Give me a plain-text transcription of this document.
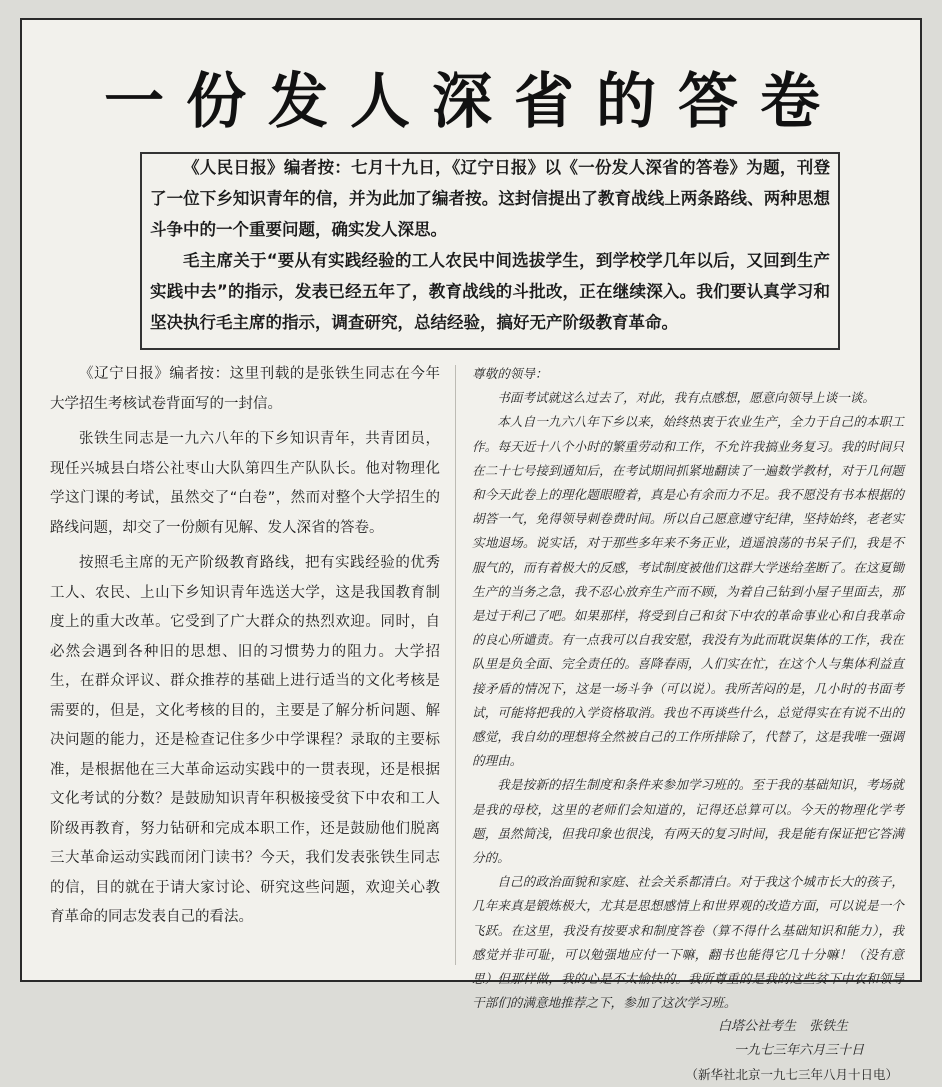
一份发人深省的答卷

《人民日报》编者按：七月十九日，《辽宁日报》以《一份发人深省的答卷》为题，刊登了一位下乡知识青年的信，并为此加了编者按。这封信提出了教育战线上两条路线、两种思想斗争中的一个重要问题，确实发人深思。

毛主席关于“要从有实践经验的工人农民中间选拔学生，到学校学几年以后，又回到生产实践中去”的指示，发表已经五年了，教育战线的斗批改，正在继续深入。我们要认真学习和坚决执行毛主席的指示，调查研究，总结经验，搞好无产阶级教育革命。

《辽宁日报》编者按：这里刊载的是张铁生同志在今年大学招生考核试卷背面写的一封信。

张铁生同志是一九六八年的下乡知识青年，共青团员，现任兴城县白塔公社枣山大队第四生产队队长。他对物理化学这门课的考试，虽然交了“白卷”，然而对整个大学招生的路线问题，却交了一份颇有见解、发人深省的答卷。

按照毛主席的无产阶级教育路线，把有实践经验的优秀工人、农民、上山下乡知识青年选送大学，这是我国教育制度上的重大改革。它受到了广大群众的热烈欢迎。同时，自必然会遇到各种旧的思想、旧的习惯势力的阻力。大学招生，在群众评议、群众推荐的基础上进行适当的文化考核是需要的，但是，文化考核的目的，主要是了解分析问题、解决问题的能力，还是检查记住多少中学课程？录取的主要标准，是根据他在三大革命运动实践中的一贯表现，还是根据文化考试的分数？是鼓励知识青年积极接受贫下中农和工人阶级再教育，努力钻研和完成本职工作，还是鼓励他们脱离三大革命运动实践而闭门读书？今天，我们发表张铁生同志的信，目的就在于请大家讨论、研究这些问题，欢迎关心教育革命的同志发表自己的看法。

尊敬的领导：

书面考试就这么过去了，对此，我有点感想，愿意向领导上谈一谈。

本人自一九六八年下乡以来，始终热衷于农业生产，全力于自己的本职工作。每天近十八个小时的繁重劳动和工作，不允许我搞业务复习。我的时间只在二十七号接到通知后，在考试期间抓紧地翻读了一遍数学教材，对于几何题和今天此卷上的理化题眼瞪着，真是心有余而力不足。我不愿没有书本根据的胡答一气，免得领导刺卷费时间。所以自己愿意遵守纪律，坚持始终，老老实实地退场。说实话，对于那些多年来不务正业，逍遥浪荡的书呆子们，我是不服气的，而有着极大的反感，考试制度被他们这群大学迷给垄断了。在这夏锄生产的当务之急，我不忍心放弃生产而不顾，为着自己钻到小屋子里面去，那是过于利己了吧。如果那样，将受到自己和贫下中农的革命事业心和自我革命的良心所谴责。有一点我可以自我安慰，我没有为此而耽误集体的工作，我在队里是负全面、完全责任的。喜降春雨，人们实在忙，在这个人与集体利益直接矛盾的情况下，这是一场斗争（可以说）。我所苦闷的是，几小时的书面考试，可能将把我的入学资格取消。我也不再谈些什么，总觉得实在有说不出的感觉，我自幼的理想将全然被自己的工作所排除了，代替了，这是我唯一强调的理由。

我是按新的招生制度和条件来参加学习班的。至于我的基础知识，考场就是我的母校，这里的老师们会知道的，记得还总算可以。今天的物理化学考题，虽然简浅，但我印象也很浅，有两天的复习时间，我是能有保证把它答满分的。

自己的政治面貌和家庭、社会关系都清白。对于我这个城市长大的孩子，几年来真是锻炼极大，尤其是思想感情上和世界观的改造方面，可以说是一个飞跃。在这里，我没有按要求和制度答卷（算不得什么基础知识和能力），我感觉并非可耻，可以勉强地应付一下嘛，翻书也能得它几十分嘛！（没有意思）但那样做，我的心是不太愉快的。我所尊重的是我的这些贫下中农和领导干部们的满意地推荐之下，参加了这次学习班。

白塔公社考生　张铁生
一九七三年六月三十日
（新华社北京一九七三年八月十日电）
